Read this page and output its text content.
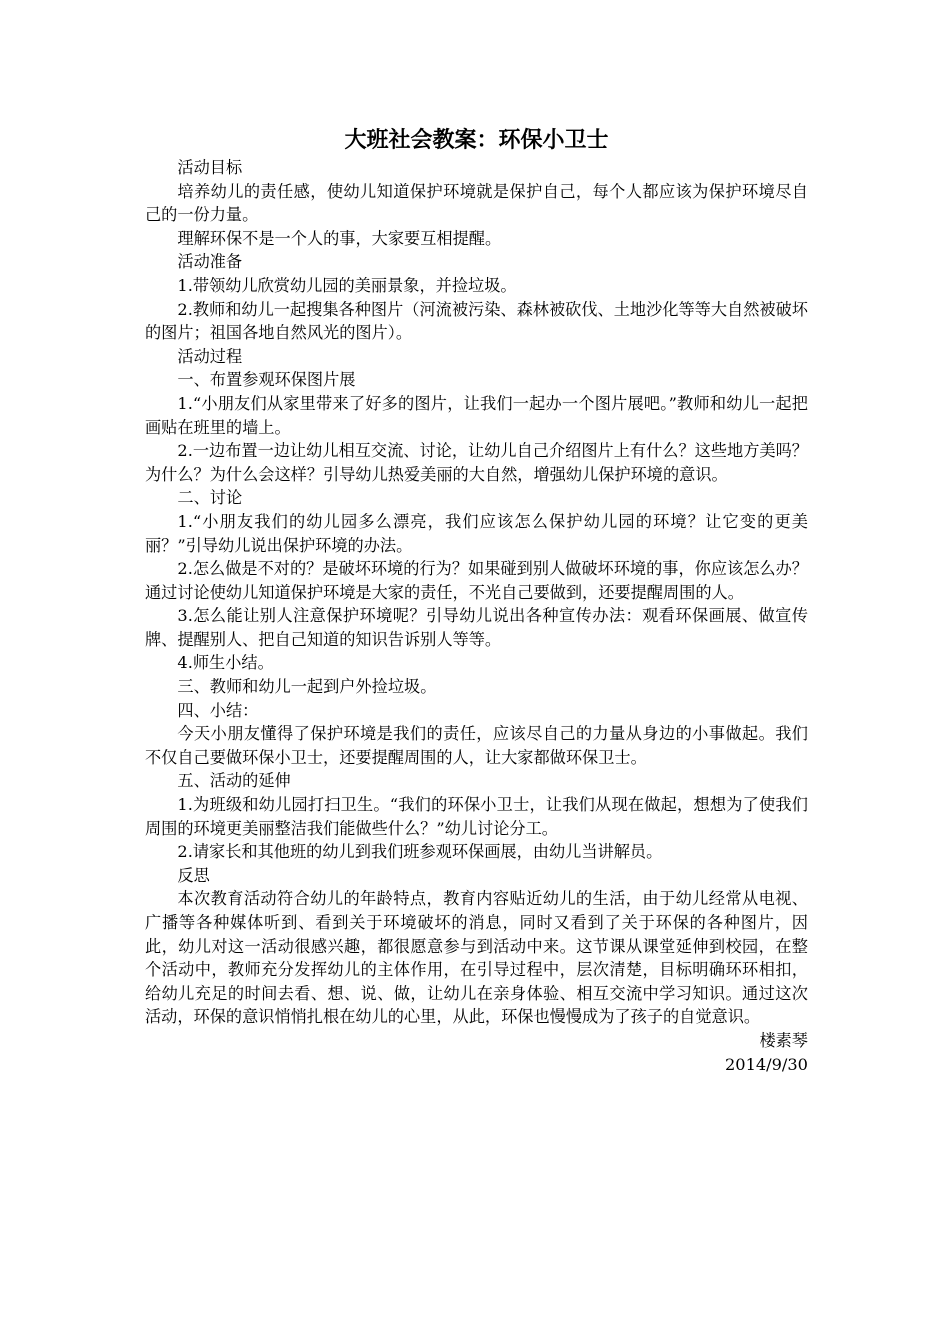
大班社会教案：环保小卫士

活动目标

培养幼儿的责任感，使幼儿知道保护环境就是保护自己，每个人都应该为保护环境尽自己的一份力量。

理解环保不是一个人的事，大家要互相提醒。

活动准备

1.带领幼儿欣赏幼儿园的美丽景象，并捡垃圾。

2.教师和幼儿一起搜集各种图片（河流被污染、森林被砍伐、土地沙化等等大自然被破坏的图片；祖国各地自然风光的图片）。

活动过程

一、布置参观环保图片展

1.“小朋友们从家里带来了好多的图片，让我们一起办一个图片展吧。”教师和幼儿一起把画贴在班里的墙上。

2.一边布置一边让幼儿相互交流、讨论，让幼儿自己介绍图片上有什么？这些地方美吗？为什么？为什么会这样？引导幼儿热爱美丽的大自然，增强幼儿保护环境的意识。

二、讨论

1.“小朋友我们的幼儿园多么漂亮，我们应该怎么保护幼儿园的环境？让它变的更美丽？”引导幼儿说出保护环境的办法。

2.怎么做是不对的？是破坏环境的行为？如果碰到别人做破坏环境的事，你应该怎么办？通过讨论使幼儿知道保护环境是大家的责任，不光自己要做到，还要提醒周围的人。

3.怎么能让别人注意保护环境呢？引导幼儿说出各种宣传办法：观看环保画展、做宣传牌、提醒别人、把自己知道的知识告诉别人等等。

4.师生小结。

三、教师和幼儿一起到户外捡垃圾。

四、小结：

今天小朋友懂得了保护环境是我们的责任，应该尽自己的力量从身边的小事做起。我们不仅自己要做环保小卫士，还要提醒周围的人，让大家都做环保卫士。

五、活动的延伸

1.为班级和幼儿园打扫卫生。“我们的环保小卫士，让我们从现在做起，想想为了使我们周围的环境更美丽整洁我们能做些什么？”幼儿讨论分工。

2.请家长和其他班的幼儿到我们班参观环保画展，由幼儿当讲解员。

反思

本次教育活动符合幼儿的年龄特点，教育内容贴近幼儿的生活，由于幼儿经常从电视、广播等各种媒体听到、看到关于环境破坏的消息，同时又看到了关于环保的各种图片，因此，幼儿对这一活动很感兴趣，都很愿意参与到活动中来。这节课从课堂延伸到校园，在整个活动中，教师充分发挥幼儿的主体作用，在引导过程中，层次清楚，目标明确环环相扣，给幼儿充足的时间去看、想、说、做，让幼儿在亲身体验、相互交流中学习知识。通过这次活动，环保的意识悄悄扎根在幼儿的心里，从此，环保也慢慢成为了孩子的自觉意识。

楼素琴

2014/9/30
